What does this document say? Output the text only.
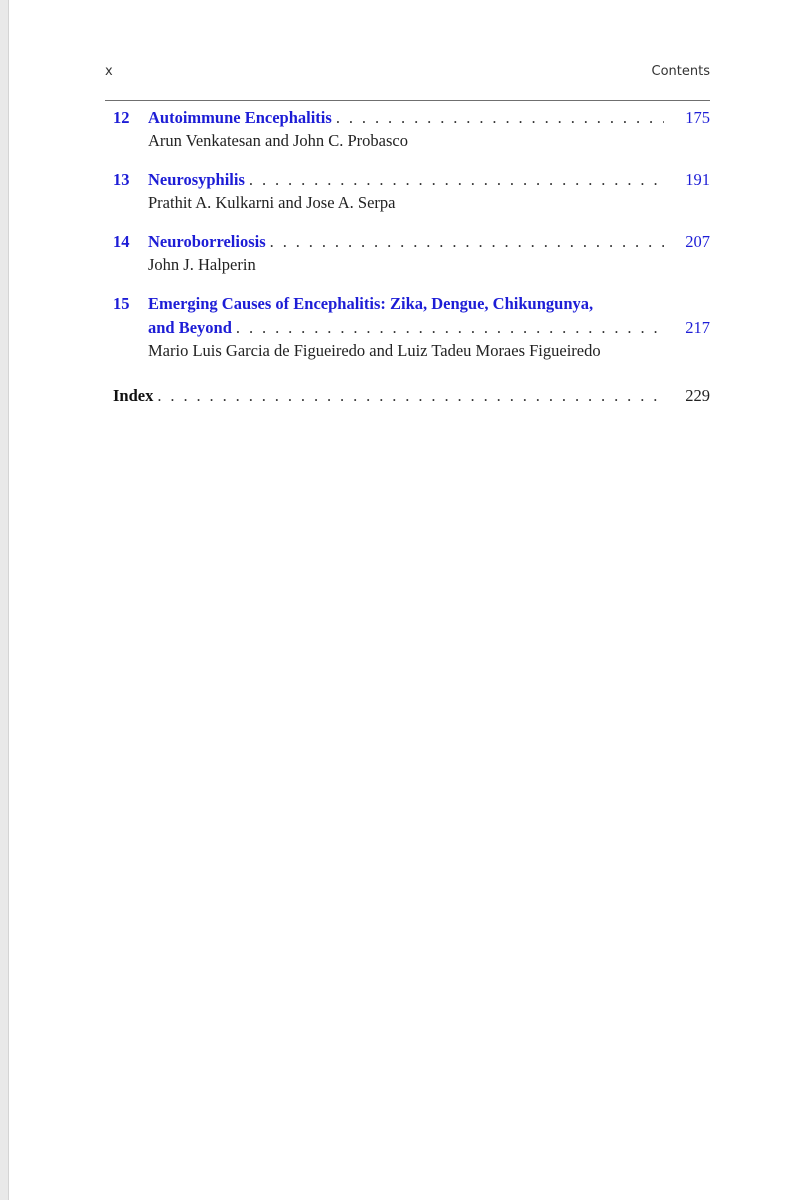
x	Contents
12 Autoimmune Encephalitis . . .	175
Arun Venkatesan and John C. Probasco
13 Neurosyphilis . . .	191
Prathit A. Kulkarni and Jose A. Serpa
14 Neuroborreliosis . . .	207
John J. Halperin
15 Emerging Causes of Encephalitis: Zika, Dengue, Chikungunya,
and Beyond . . .	217
Mario Luis Garcia de Figueiredo and Luiz Tadeu Moraes Figueiredo
Index . . .	229
